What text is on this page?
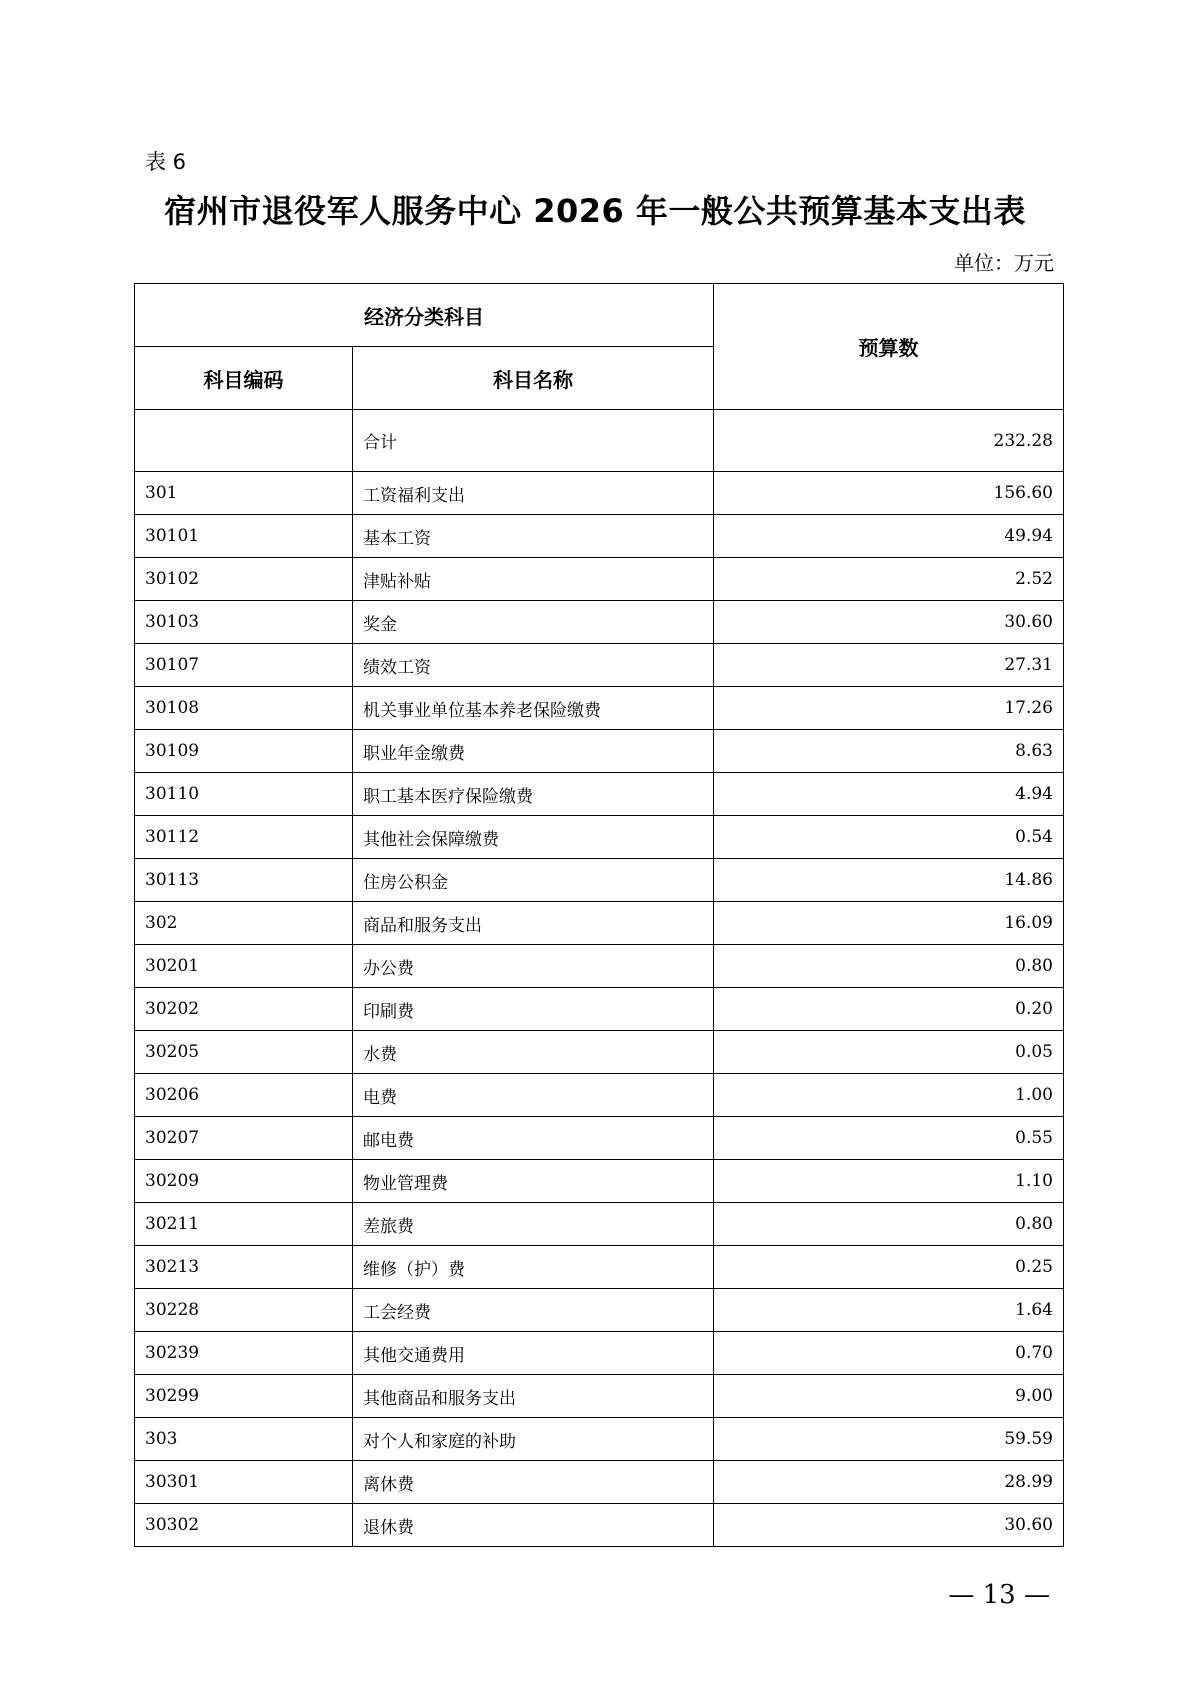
表 6
宿州市退役军人服务中心 2026 年一般公共预算基本支出表
单位：万元
经济分类科目		预算数
科目编码	科目名称	
	合计	232.28
301	工资福利支出	156.60
30101	基本工资	49.94
30102	津贴补贴	2.52
30103	奖金	30.60
30107	绩效工资	27.31
30108	机关事业单位基本养老保险缴费	17.26
30109	职业年金缴费	8.63
30110	职工基本医疗保险缴费	4.94
30112	其他社会保障缴费	0.54
30113	住房公积金	14.86
302	商品和服务支出	16.09
30201	办公费	0.80
30202	印刷费	0.20
30205	水费	0.05
30206	电费	1.00
30207	邮电费	0.55
30209	物业管理费	1.10
30211	差旅费	0.80
30213	维修（护）费	0.25
30228	工会经费	1.64
30239	其他交通费用	0.70
30299	其他商品和服务支出	9.00
303	对个人和家庭的补助	59.59
30301	离休费	28.99
30302	退休费	30.60
— 13 —
